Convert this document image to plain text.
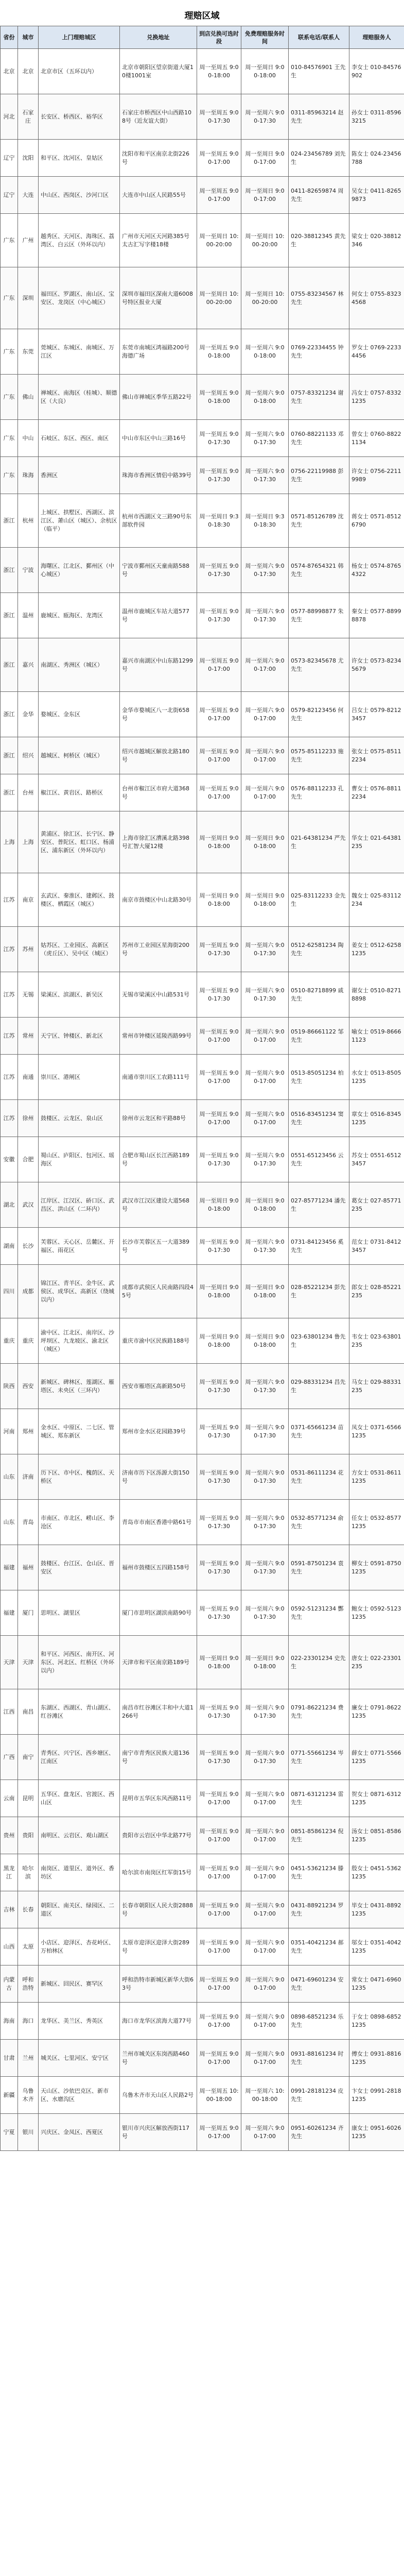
理赔区域
省份	城市	上门理赔城区	兑换地址	到店兑换可选时段	免费理赔服务时间	联系电话/联系人	理赔服务人
北京	北京	北京市区（五环以内）	北京市朝阳区望京街道大厦10楼1001室	周一至周五 9:00-18:00	周一至周日 9:00-18:00	010-84576901 王先生	李女士 010-84576902
河北	石家庄	长安区、桥西区、裕华区	石家庄市桥西区中山西路108号（近友谊大街）	周一至周五 9:00-17:30	周一至周六 9:00-17:30	0311-85963214 赵先生	孙女士 0311-85963215
辽宁	沈阳	和平区、沈河区、皇姑区	沈阳市和平区南京北街226号	周一至周五 9:00-17:00	周一至周日 9:00-17:00	024-23456789 刘先生	陈女士 024-23456788
辽宁	大连	中山区、西岗区、沙河口区	大连市中山区人民路55号	周一至周五 9:00-17:00	周一至周日 9:00-17:00	0411-82659874 周先生	吴女士 0411-82659873
广东	广州	越秀区、天河区、海珠区、荔湾区、白云区（外环以内）	广州市天河区天河路385号太古汇写字楼18楼	周一至周日 10:00-20:00	周一至周日 10:00-20:00	020-38812345 黄先生	梁女士 020-38812346
广东	深圳	福田区、罗湖区、南山区、宝安区、龙岗区（中心城区）	深圳市福田区深南大道6008号特区报业大厦	周一至周日 10:00-20:00	周一至周日 10:00-20:00	0755-83234567 林先生	何女士 0755-83234568
广东	东莞	莞城区、东城区、南城区、万江区	东莞市南城区鸿福路200号海德广场	周一至周五 9:00-18:00	周一至周六 9:00-18:00	0769-22334455 钟先生	罗女士 0769-22334456
广东	佛山	禅城区、南海区（桂城）、顺德区（大良）	佛山市禅城区季华五路22号	周一至周五 9:00-18:00	周一至周六 9:00-18:00	0757-83321234 谢先生	冯女士 0757-83321235
广东	中山	石岐区、东区、西区、南区	中山市东区中山三路16号	周一至周五 9:00-17:30	周一至周六 9:00-17:30	0760-88221133 邓先生	曾女士 0760-88221134
广东	珠海	香洲区	珠海市香洲区情侣中路39号	周一至周五 9:00-17:30	周一至周六 9:00-17:30	0756-22119988 彭先生	许女士 0756-22119989
浙江	杭州	上城区、拱墅区、西湖区、滨江区、萧山区（城区）、余杭区（临平）	杭州市西湖区文三路90号东部软件园	周一至周日 9:30-18:30	周一至周日 9:30-18:30	0571-85126789 沈先生	蒋女士 0571-85126790
浙江	宁波	海曙区、江北区、鄞州区（中心城区）	宁波市鄞州区天童南路588号	周一至周五 9:00-17:30	周一至周六 9:00-17:30	0574-87654321 韩先生	杨女士 0574-87654322
浙江	温州	鹿城区、瓯海区、龙湾区	温州市鹿城区车站大道577号	周一至周五 9:00-17:30	周一至周六 9:00-17:30	0577-88998877 朱先生	秦女士 0577-88998878
浙江	嘉兴	南湖区、秀洲区（城区）	嘉兴市南湖区中山东路1299号	周一至周五 9:00-17:00	周一至周六 9:00-17:00	0573-82345678 尤先生	许女士 0573-82345679
浙江	金华	婺城区、金东区	金华市婺城区八一北街658号	周一至周五 9:00-17:00	周一至周六 9:00-17:00	0579-82123456 何先生	吕女士 0579-82123457
浙江	绍兴	越城区、柯桥区（城区）	绍兴市越城区解放北路180号	周一至周五 9:00-17:00	周一至周六 9:00-17:00	0575-85112233 施先生	张女士 0575-85112234
浙江	台州	椒江区、黄岩区、路桥区	台州市椒江区市府大道368号	周一至周五 9:00-17:00	周一至周六 9:00-17:00	0576-88112233 孔先生	曹女士 0576-88112234
上海	上海	黄浦区、徐汇区、长宁区、静安区、普陀区、虹口区、杨浦区、浦东新区（外环以内）	上海市徐汇区漕溪北路398号汇智大厦12楼	周一至周日 9:00-18:00	周一至周日 9:00-18:00	021-64381234 严先生	华女士 021-64381235
江苏	南京	玄武区、秦淮区、建邺区、鼓楼区、栖霞区（城区）	南京市鼓楼区中山北路30号	周一至周日 9:00-18:00	周一至周日 9:00-18:00	025-83112233 金先生	魏女士 025-83112234
江苏	苏州	姑苏区、工业园区、高新区（虎丘区）、吴中区（城区）	苏州市工业园区星海街200号	周一至周五 9:00-17:30	周一至周六 9:00-17:30	0512-62581234 陶先生	姜女士 0512-62581235
江苏	无锡	梁溪区、滨湖区、新吴区	无锡市梁溪区中山路531号	周一至周五 9:00-17:30	周一至周六 9:00-17:30	0510-82718899 戚先生	谢女士 0510-82718898
江苏	常州	天宁区、钟楼区、新北区	常州市钟楼区延陵西路99号	周一至周五 9:00-17:00	周一至周六 9:00-17:00	0519-86661122 邹先生	喻女士 0519-86661123
江苏	南通	崇川区、港闸区	南通市崇川区工农路111号	周一至周五 9:00-17:00	周一至周六 9:00-17:00	0513-85051234 柏先生	水女士 0513-85051235
江苏	徐州	鼓楼区、云龙区、泉山区	徐州市云龙区和平路88号	周一至周五 9:00-17:00	周一至周六 9:00-17:00	0516-83451234 窦先生	章女士 0516-83451235
安徽	合肥	蜀山区、庐阳区、包河区、瑶海区	合肥市蜀山区长江西路189号	周一至周五 9:00-17:30	周一至周六 9:00-17:30	0551-65123456 云先生	苏女士 0551-65123457
湖北	武汉	江岸区、江汉区、硚口区、武昌区、洪山区（二环内）	武汉市江汉区建设大道568号	周一至周日 9:00-18:00	周一至周日 9:00-18:00	027-85771234 潘先生	葛女士 027-85771235
湖南	长沙	芙蓉区、天心区、岳麓区、开福区、雨花区	长沙市芙蓉区五一大道389号	周一至周五 9:00-17:30	周一至周六 9:00-17:30	0731-84123456 奚先生	范女士 0731-84123457
四川	成都	锦江区、青羊区、金牛区、武侯区、成华区、高新区（绕城以内）	成都市武侯区人民南路四段45号	周一至周日 9:00-18:00	周一至周日 9:00-18:00	028-85221234 彭先生	郎女士 028-85221235
重庆	重庆	渝中区、江北区、南岸区、沙坪坝区、九龙坡区、渝北区（城区）	重庆市渝中区民族路188号	周一至周日 9:00-18:00	周一至周日 9:00-18:00	023-63801234 鲁先生	韦女士 023-63801235
陕西	西安	新城区、碑林区、莲湖区、雁塔区、未央区（三环内）	西安市雁塔区高新路50号	周一至周五 9:00-17:30	周一至周六 9:00-17:30	029-88331234 昌先生	马女士 029-88331235
河南	郑州	金水区、中原区、二七区、管城区、郑东新区	郑州市金水区花园路39号	周一至周五 9:00-17:30	周一至周六 9:00-17:30	0371-65661234 苗先生	凤女士 0371-65661235
山东	济南	历下区、市中区、槐荫区、天桥区	济南市历下区泺源大街150号	周一至周五 9:00-17:30	周一至周六 9:00-17:30	0531-86111234 花先生	方女士 0531-86111235
山东	青岛	市南区、市北区、崂山区、李沧区	青岛市市南区香港中路61号	周一至周五 9:00-17:30	周一至周六 9:00-17:30	0532-85771234 俞先生	任女士 0532-85771235
福建	福州	鼓楼区、台江区、仓山区、晋安区	福州市鼓楼区五四路158号	周一至周五 9:00-17:30	周一至周六 9:00-17:30	0591-87501234 袁先生	柳女士 0591-87501235
福建	厦门	思明区、湖里区	厦门市思明区湖滨南路90号	周一至周五 9:00-17:30	周一至周六 9:00-17:30	0592-51231234 酆先生	鲍女士 0592-51231235
天津	天津	和平区、河西区、南开区、河东区、河北区、红桥区（外环以内）	天津市和平区南京路189号	周一至周日 9:00-18:00	周一至周日 9:00-18:00	022-23301234 史先生	唐女士 022-23301235
江西	南昌	东湖区、西湖区、青山湖区、红谷滩区	南昌市红谷滩区丰和中大道1266号	周一至周五 9:00-17:30	周一至周六 9:00-17:30	0791-86221234 费先生	廉女士 0791-86221235
广西	南宁	青秀区、兴宁区、西乡塘区、江南区	南宁市青秀区民族大道136号	周一至周五 9:00-17:30	周一至周六 9:00-17:30	0771-55661234 岑先生	薛女士 0771-55661235
云南	昆明	五华区、盘龙区、官渡区、西山区	昆明市五华区东风西路11号	周一至周五 9:00-17:00	周一至周六 9:00-17:00	0871-63121234 雷先生	贺女士 0871-63121235
贵州	贵阳	南明区、云岩区、观山湖区	贵阳市云岩区中华北路77号	周一至周五 9:00-17:00	周一至周六 9:00-17:00	0851-85861234 倪先生	汤女士 0851-85861235
黑龙江	哈尔滨	南岗区、道里区、道外区、香坊区	哈尔滨市南岗区红军街15号	周一至周五 9:00-17:00	周一至周六 9:00-17:00	0451-53621234 滕先生	殷女士 0451-53621235
吉林	长春	朝阳区、南关区、绿园区、二道区	长春市朝阳区人民大街2888号	周一至周五 9:00-17:00	周一至周六 9:00-17:00	0431-88921234 罗先生	毕女士 0431-88921235
山西	太原	小店区、迎泽区、杏花岭区、万柏林区	太原市迎泽区迎泽大街289号	周一至周五 9:00-17:00	周一至周六 9:00-17:00	0351-40421234 郝先生	邬女士 0351-40421235
内蒙古	呼和浩特	新城区、回民区、赛罕区	呼和浩特市新城区新华大街63号	周一至周五 9:00-17:00	周一至周六 9:00-17:00	0471-69601234 安先生	常女士 0471-69601235
海南	海口	龙华区、美兰区、秀英区	海口市龙华区滨海大道77号	周一至周五 9:00-17:00	周一至周六 9:00-17:00	0898-68521234 乐先生	于女士 0898-68521235
甘肃	兰州	城关区、七里河区、安宁区	兰州市城关区东岗西路460号	周一至周五 9:00-17:00	周一至周六 9:00-17:00	0931-88161234 时先生	傅女士 0931-88161235
新疆	乌鲁木齐	天山区、沙依巴克区、新市区、水磨沟区	乌鲁木齐市天山区人民路2号	周一至周五 10:00-18:00	周一至周六 10:00-18:00	0991-28181234 皮先生	卞女士 0991-28181235
宁夏	银川	兴庆区、金凤区、西夏区	银川市兴庆区解放西街117号	周一至周五 9:00-17:00	周一至周六 9:00-17:00	0951-60261234 齐先生	康女士 0951-60261235
